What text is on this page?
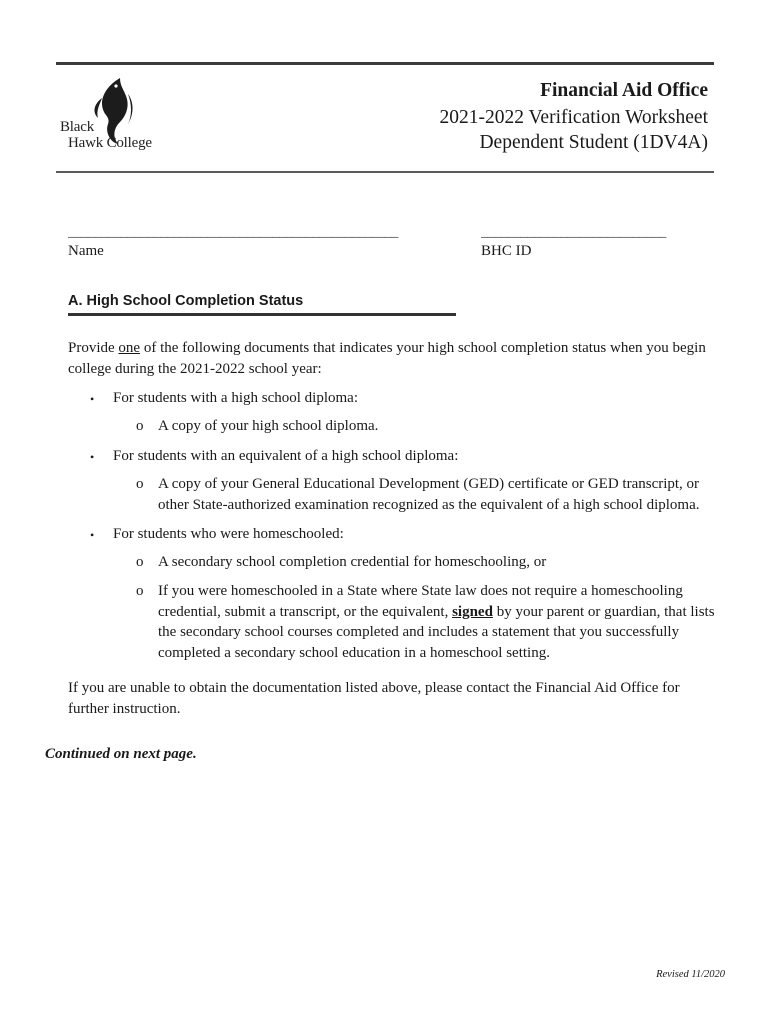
Black
Hawk College
Financial Aid Office
2021-2022 Verification Worksheet
Dependent Student (1DV4A)
__________________________________________________
Name
____________________________
BHC ID
A. High School Completion Status
Provide one of the following documents that indicates your high school completion status when you begin
college during the 2021-2022 school year:
• For students with a high school diploma:
o A copy of your high school diploma.
• For students with an equivalent of a high school diploma:
o A copy of your General Educational Development (GED) certificate or GED transcript, or
other State-authorized examination recognized as the equivalent of a high school diploma.
• For students who were homeschooled:
o A secondary school completion credential for homeschooling, or
o If you were homeschooled in a State where State law does not require a homeschooling
credential, submit a transcript, or the equivalent, signed by your parent or guardian, that lists
the secondary school courses completed and includes a statement that you successfully
completed a secondary school education in a homeschool setting.
If you are unable to obtain the documentation listed above, please contact the Financial Aid Office for
further instruction.
Continued on next page.
Revised 11/2020
